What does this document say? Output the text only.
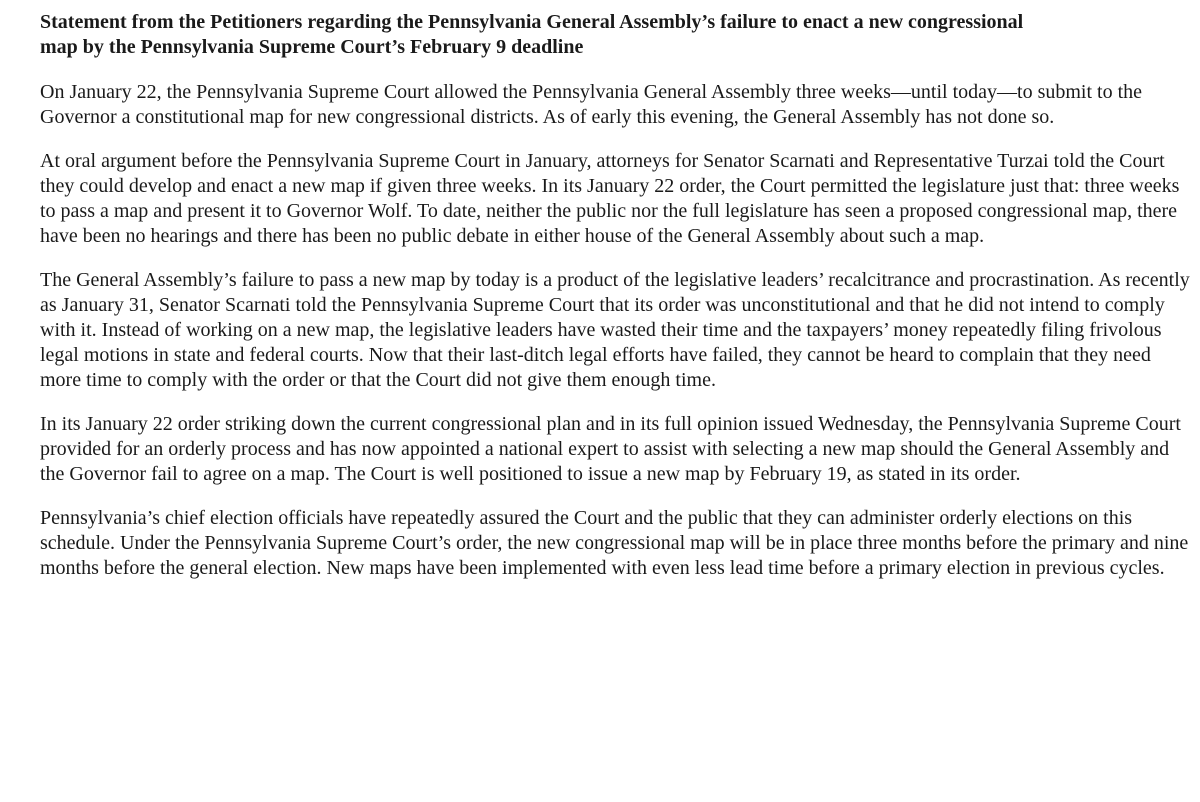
Statement from the Petitioners regarding the Pennsylvania General Assembly’s failure to enact a new congressional map by the Pennsylvania Supreme Court’s February 9 deadline

On January 22, the Pennsylvania Supreme Court allowed the Pennsylvania General Assembly three weeks—until today—to submit to the Governor a constitutional map for new congressional districts. As of early this evening, the General Assembly has not done so.

At oral argument before the Pennsylvania Supreme Court in January, attorneys for Senator Scarnati and Representative Turzai told the Court they could develop and enact a new map if given three weeks. In its January 22 order, the Court permitted the legislature just that: three weeks to pass a map and present it to Governor Wolf. To date, neither the public nor the full legislature has seen a proposed congressional map, there have been no hearings and there has been no public debate in either house of the General Assembly about such a map.

The General Assembly’s failure to pass a new map by today is a product of the legislative leaders’ recalcitrance and procrastination. As recently as January 31, Senator Scarnati told the Pennsylvania Supreme Court that its order was unconstitutional and that he did not intend to comply with it. Instead of working on a new map, the legislative leaders have wasted their time and the taxpayers’ money repeatedly filing frivolous legal motions in state and federal courts. Now that their last-ditch legal efforts have failed, they cannot be heard to complain that they need more time to comply with the order or that the Court did not give them enough time.

In its January 22 order striking down the current congressional plan and in its full opinion issued Wednesday, the Pennsylvania Supreme Court provided for an orderly process and has now appointed a national expert to assist with selecting a new map should the General Assembly and the Governor fail to agree on a map. The Court is well positioned to issue a new map by February 19, as stated in its order.

Pennsylvania’s chief election officials have repeatedly assured the Court and the public that they can administer orderly elections on this schedule. Under the Pennsylvania Supreme Court’s order, the new congressional map will be in place three months before the primary and nine months before the general election. New maps have been implemented with even less lead time before a primary election in previous cycles.
